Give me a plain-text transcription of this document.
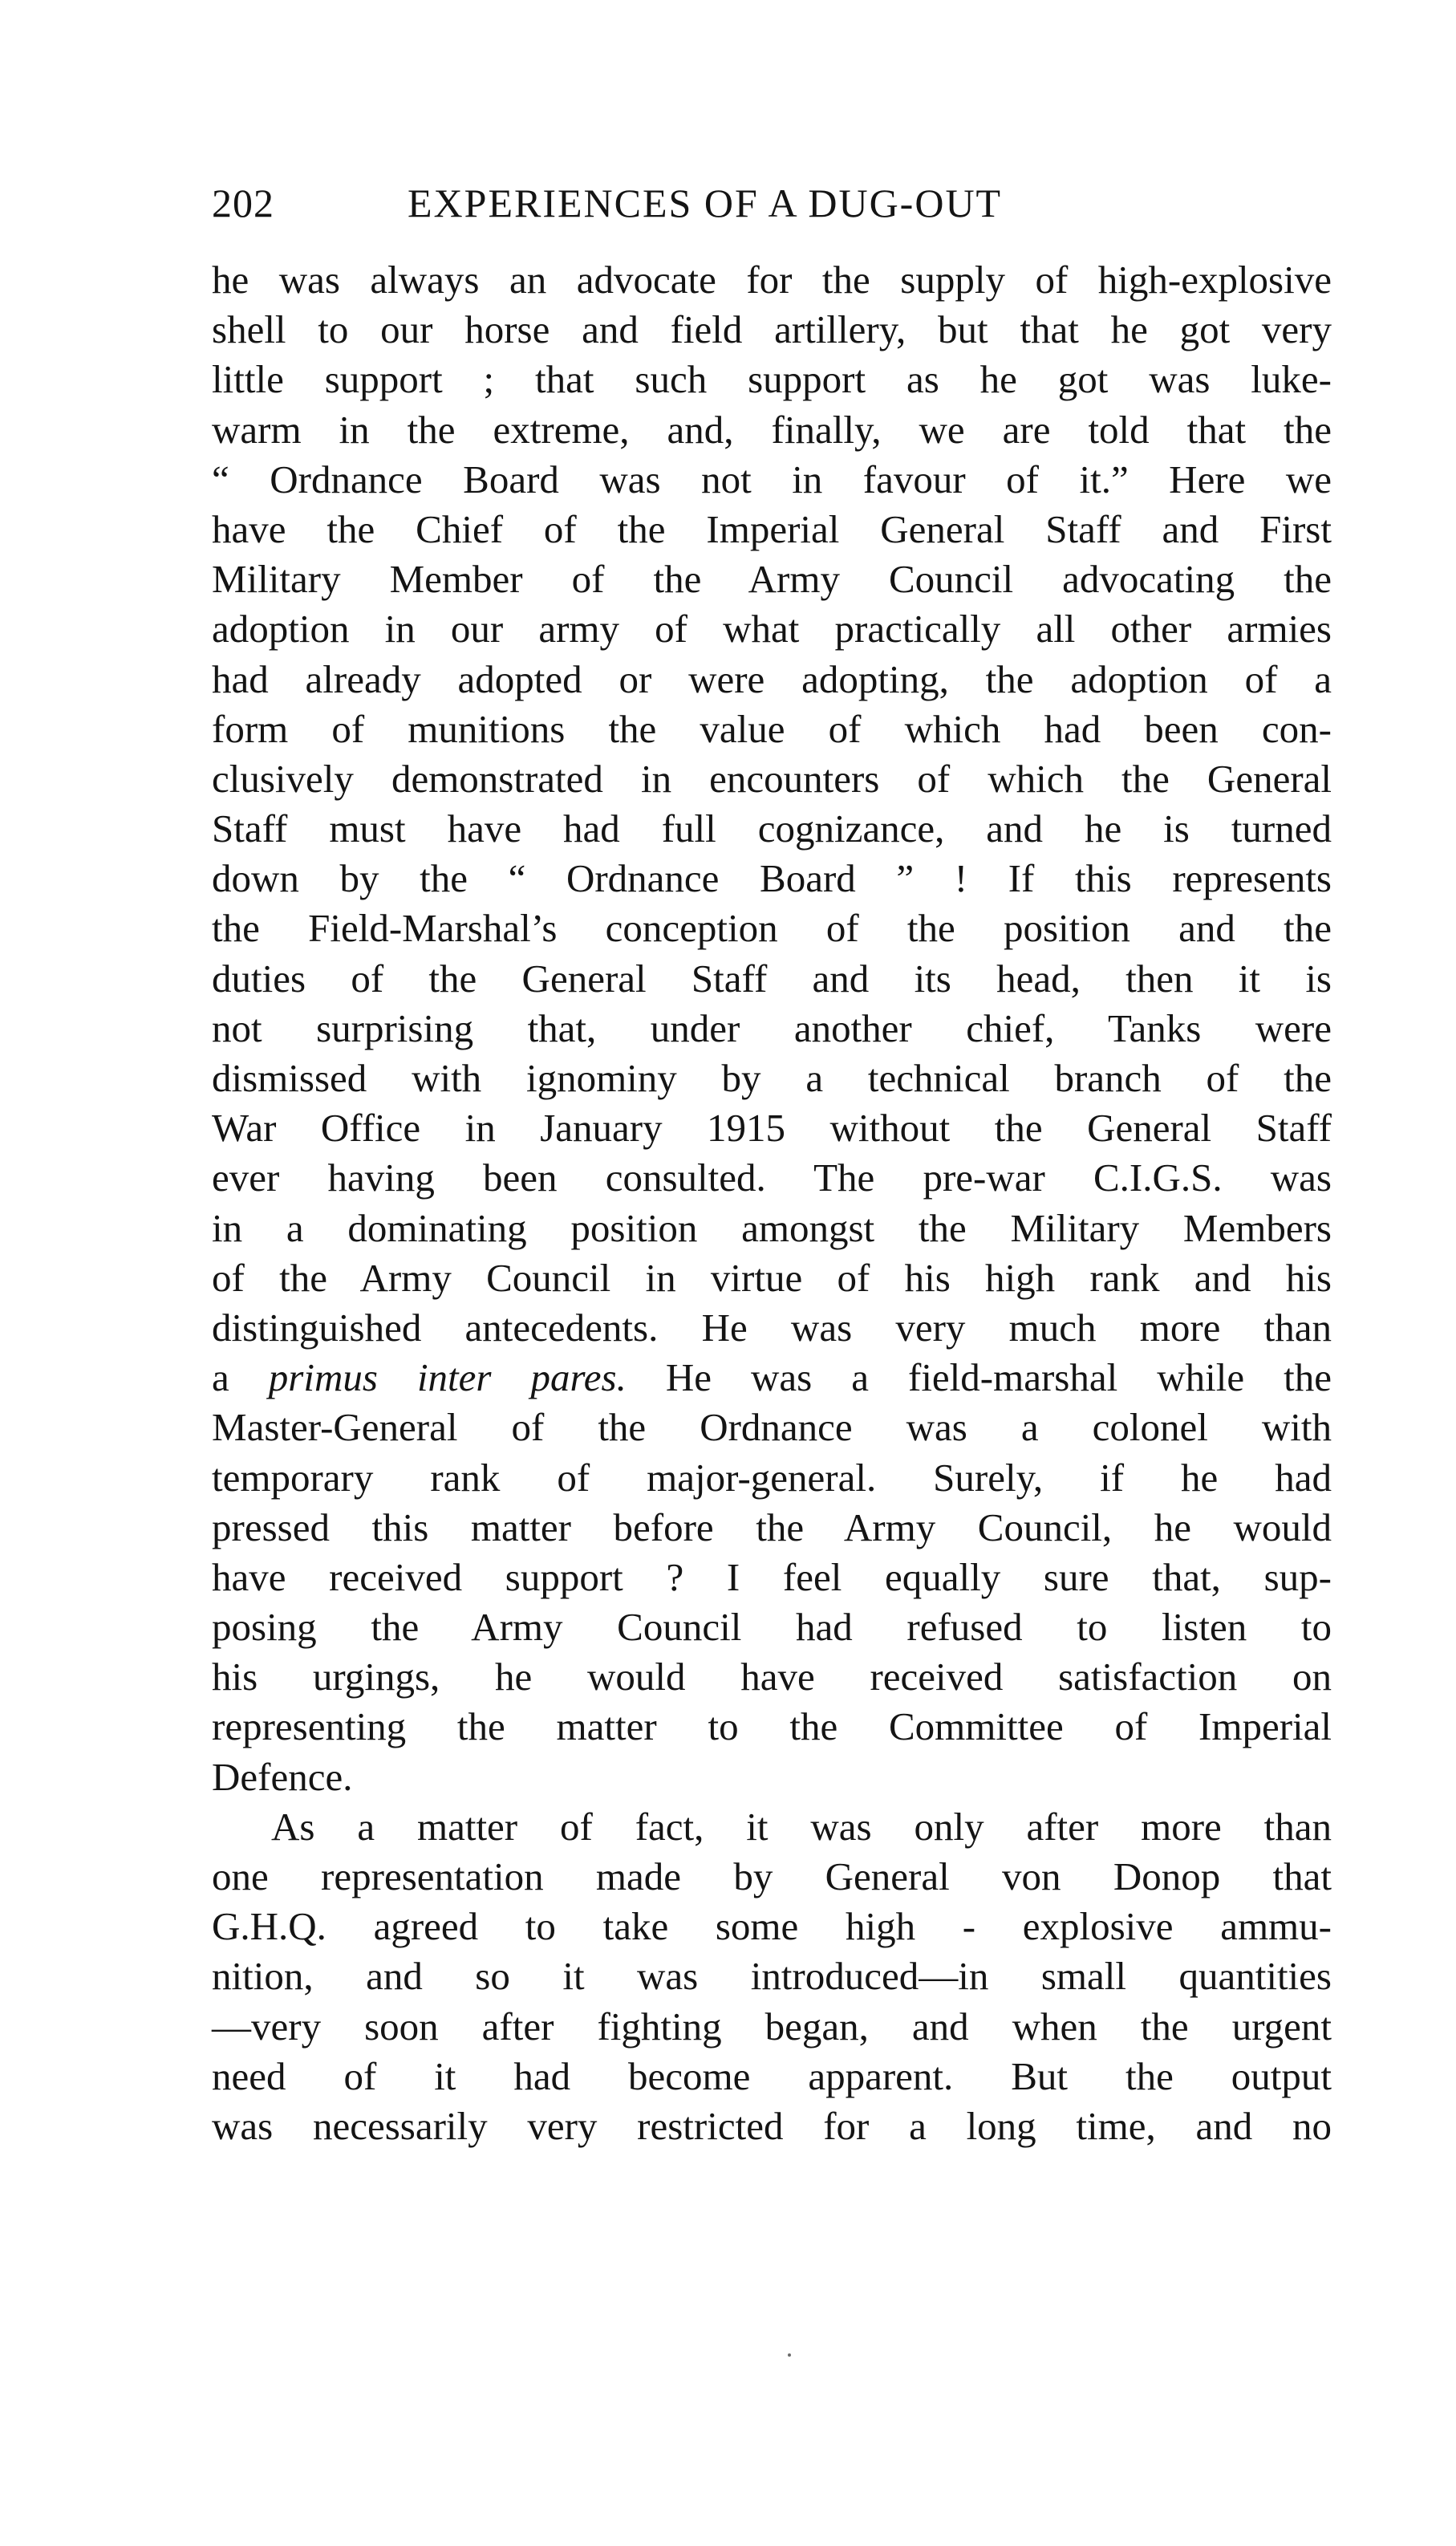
202	EXPERIENCES OF A DUG-OUT
he was always an advocate for the supply of high-explosive
shell to our horse and field artillery, but that he got very
little support ; that such support as he got was luke-
warm in the extreme, and, finally, we are told that the
“ Ordnance Board was not in favour of it.” Here we
have the Chief of the Imperial General Staff and First
Military Member of the Army Council advocating the
adoption in our army of what practically all other armies
had already adopted or were adopting, the adoption of a
form of munitions the value of which had been con-
clusively demonstrated in encounters of which the General
Staff must have had full cognizance, and he is turned
down by the “ Ordnance Board ” ! If this represents
the Field-Marshal’s conception of the position and the
duties of the General Staff and its head, then it is
not surprising that, under another chief, Tanks were
dismissed with ignominy by a technical branch of the
War Office in January 1915 without the General Staff
ever having been consulted. The pre-war C.I.G.S. was
in a dominating position amongst the Military Members
of the Army Council in virtue of his high rank and his
distinguished antecedents. He was very much more than
a primus inter pares. He was a field-marshal while the
Master-General of the Ordnance was a colonel with
temporary rank of major-general. Surely, if he had
pressed this matter before the Army Council, he would
have received support ? I feel equally sure that, sup-
posing the Army Council had refused to listen to
his urgings, he would have received satisfaction on
representing the matter to the Committee of Imperial
Defence.
As a matter of fact, it was only after more than
one representation made by General von Donop that
G.H.Q. agreed to take some high - explosive ammu-
nition, and so it was introduced—in small quantities
—very soon after fighting began, and when the urgent
need of it had become apparent. But the output
was necessarily very restricted for a long time, and no
